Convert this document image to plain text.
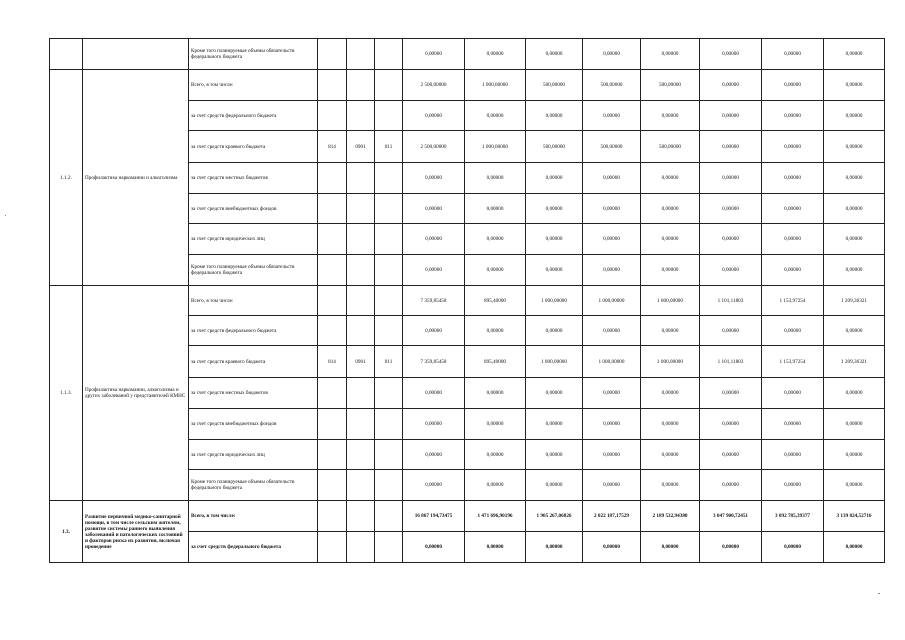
		Кроме того планируемые объемы обязательств федерального бюджета				0,00000	0,00000	0,00000	0,00000	0,00000	0,00000	0,00000	0,00000
1.1.2.	Профилактика наркомании и алкоголизма	Всего, в том числе:				2 500,00000	1 000,00000	500,00000	500,00000	500,00000	0,00000	0,00000	0,00000
		за счет средств федерального бюджета				0,00000	0,00000	0,00000	0,00000	0,00000	0,00000	0,00000	0,00000
		за счет средств краевого бюджета	814	0901	011	2 500,00000	1 000,00000	500,00000	500,00000	500,00000	0,00000	0,00000	0,00000
		за счет средств местных бюджетов				0,00000	0,00000	0,00000	0,00000	0,00000	0,00000	0,00000	0,00000
		за счет средств внебюджетных фондов				0,00000	0,00000	0,00000	0,00000	0,00000	0,00000	0,00000	0,00000
		за счет средств юридических лиц				0,00000	0,00000	0,00000	0,00000	0,00000	0,00000	0,00000	0,00000
		Кроме того планируемые объемы обязательств федерального бюджета				0,00000	0,00000	0,00000	0,00000	0,00000	0,00000	0,00000	0,00000
1.1.3.	Профилактика наркомании, алкоголизма и других заболеваний у представителей КМНС	Всего, в том числе:				7 359,85458	895,40000	1 000,00000	1 000,00000	1 000,00000	1 101,11803	1 153,97254	1 209,36321
		за счет средств федерального бюджета				0,00000	0,00000	0,00000	0,00000	0,00000	0,00000	0,00000	0,00000
		за счет средств краевого бюджета	814	0901	011	7 359,85458	895,40000	1 000,00000	1 000,00000	1 000,00000	1 101,11803	1 153,97254	1 209,36321
		за счет средств местных бюджетов				0,00000	0,00000	0,00000	0,00000	0,00000	0,00000	0,00000	0,00000
		за счет средств внебюджетных фондов				0,00000	0,00000	0,00000	0,00000	0,00000	0,00000	0,00000	0,00000
		за счет средств юридических лиц				0,00000	0,00000	0,00000	0,00000	0,00000	0,00000	0,00000	0,00000
		Кроме того планируемые объемы обязательств федерального бюджета				0,00000	0,00000	0,00000	0,00000	0,00000	0,00000	0,00000	0,00000
1.3.	Развитие первичной медико-санитарной помощи, в том числе сельским жителям, развитие системы раннего выявления заболеваний и патологических состояний и факторов риска их развития, включая проведение	Всего, в том числе:				16 867 194,73475	1 471 696,90196	1 905 267,06826	2 022 187,17529	2 189 532,94380	3 047 900,72451	3 092 785,39377	3 139 824,52716
		за счет средств федерального бюджета				0,00000	0,00000	0,00000	0,00000	0,00000	0,00000	0,00000	0,00000
